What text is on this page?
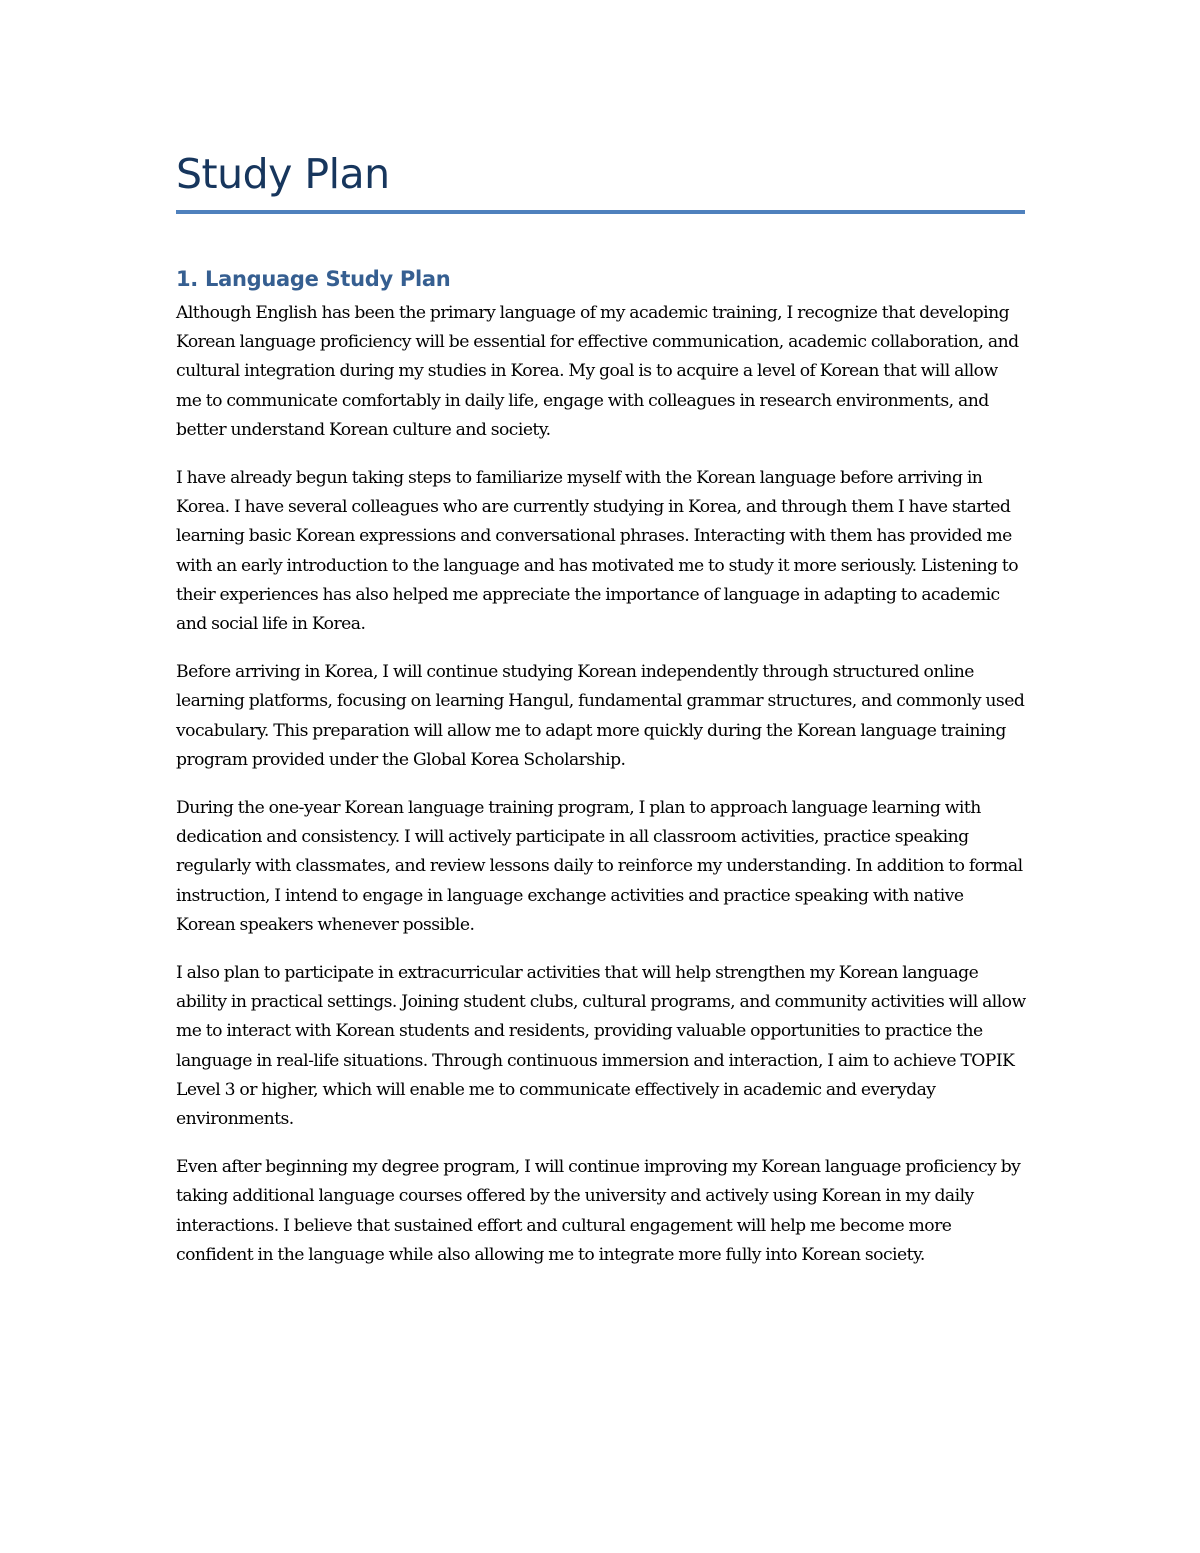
Study Plan
1. Language Study Plan

Although English has been the primary language of my academic training, I recognize that developing Korean language proficiency will be essential for effective communication, academic collaboration, and cultural integration during my studies in Korea. My goal is to acquire a level of Korean that will allow me to communicate comfortably in daily life, engage with colleagues in research environments, and better understand Korean culture and society.

I have already begun taking steps to familiarize myself with the Korean language before arriving in Korea. I have several colleagues who are currently studying in Korea, and through them I have started learning basic Korean expressions and conversational phrases. Interacting with them has provided me with an early introduction to the language and has motivated me to study it more seriously. Listening to their experiences has also helped me appreciate the importance of language in adapting to academic and social life in Korea.

Before arriving in Korea, I will continue studying Korean independently through structured online learning platforms, focusing on learning Hangul, fundamental grammar structures, and commonly used vocabulary. This preparation will allow me to adapt more quickly during the Korean language training program provided under the Global Korea Scholarship.

During the one-year Korean language training program, I plan to approach language learning with dedication and consistency. I will actively participate in all classroom activities, practice speaking regularly with classmates, and review lessons daily to reinforce my understanding. In addition to formal instruction, I intend to engage in language exchange activities and practice speaking with native Korean speakers whenever possible.

I also plan to participate in extracurricular activities that will help strengthen my Korean language ability in practical settings. Joining student clubs, cultural programs, and community activities will allow me to interact with Korean students and residents, providing valuable opportunities to practice the language in real-life situations. Through continuous immersion and interaction, I aim to achieve TOPIK Level 3 or higher, which will enable me to communicate effectively in academic and everyday environments.

Even after beginning my degree program, I will continue improving my Korean language proficiency by taking additional language courses offered by the university and actively using Korean in my daily interactions. I believe that sustained effort and cultural engagement will help me become more confident in the language while also allowing me to integrate more fully into Korean society.
